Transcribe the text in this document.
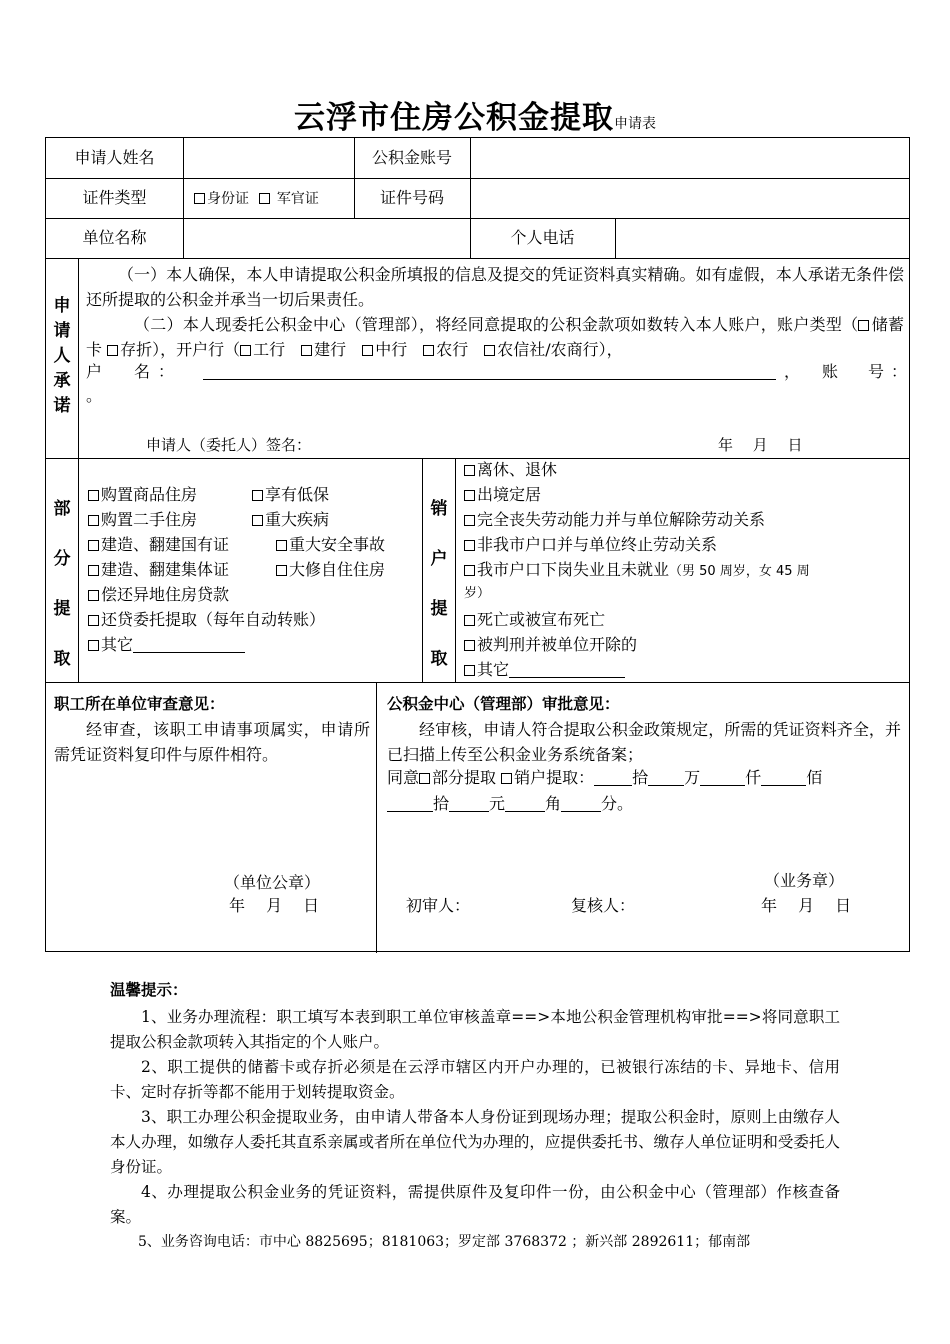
云浮市住房公积金提取申请表
申请人姓名	公积金账号
证件类型	身份证 军官证	证件号码
单位名称	个人电话
申请人承诺
（一）本人确保，本人申请提取公积金所填报的信息及提交的凭证资料真实精确。如有虚假，本人承诺无条件偿还所提取的公积金并承当一切后果责任。
（二）本人现委托公积金中心（管理部），将经同意提取的公积金款项如数转入本人账户，账户类型（ 储蓄卡 存折），开户行（ 工行　 建行　 中行　 农行　 农信社/农商行），
户　名：	，　账　号：
。
申请人（委托人）签名：	年　 月　 日
部分提取
购置商品住房	享有低保
购置二手住房	重大疾病
建造、翻建国有证	重大安全事故
建造、翻建集体证	大修自住住房
偿还异地住房贷款
还贷委托提取（每年自动转账）
其它
销户提取
离休、退休
出境定居
完全丧失劳动能力并与单位解除劳动关系
非我市户口并与单位终止劳动关系
我市户口下岗失业且未就业（男 50 周岁，女 45 周
岁）
死亡或被宣布死亡
被判刑并被单位开除的
其它
职工所在单位审查意见：
经审查，该职工申请事项属实，申请所需凭证资料复印件与原件相符。
（单位公章）
年　 月　 日
公积金中心（管理部）审批意见：
经审核，申请人符合提取公积金政策规定，所需的凭证资料齐全，并已扫描上传至公积金业务系统备案；
同意 部分提取 销户提取： 拾 万	仟	佰
拾	元	角	分。
（业务章）
初审人：	复核人：	年　 月　 日

温馨提示：

1、业务办理流程：职工填写本表到职工单位审核盖章==>本地公积金管理机构审批==>将同意职工提取公积金款项转入其指定的个人账户。

2、职工提供的储蓄卡或存折必须是在云浮市辖区内开户办理的，已被银行冻结的卡、异地卡、信用卡、定时存折等都不能用于划转提取资金。

3、职工办理公积金提取业务，由申请人带备本人身份证到现场办理；提取公积金时，原则上由缴存人本人办理，如缴存人委托其直系亲属或者所在单位代为办理的，应提供委托书、缴存人单位证明和受委托人身份证。

4、办理提取公积金业务的凭证资料，需提供原件及复印件一份，由公积金中心（管理部）作核查备案。

5、业务咨询电话：市中心 8825695；8181063；罗定部 3768372 ；新兴部 2892611；郁南部
